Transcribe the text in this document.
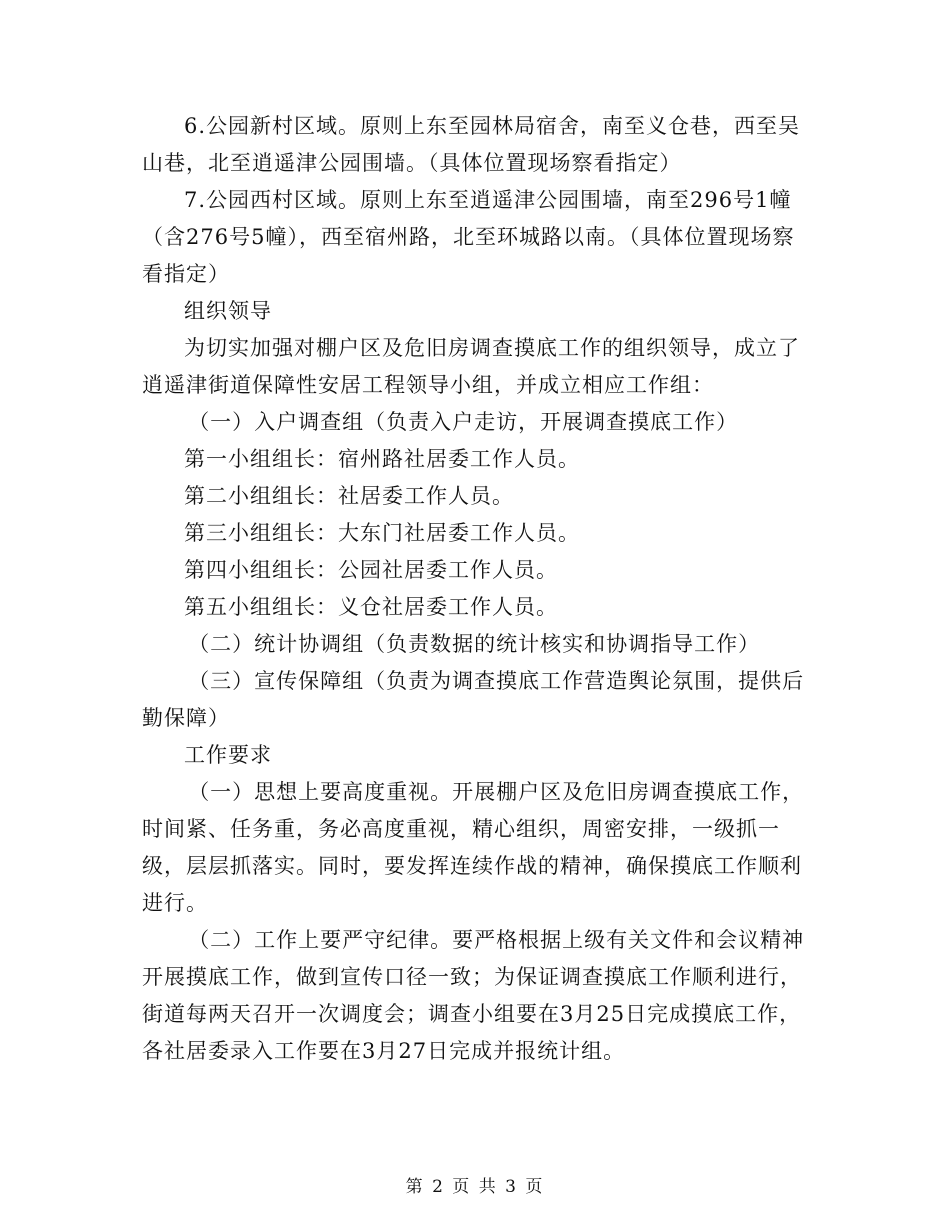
6.公园新村区域。原则上东至园林局宿舍，南至义仓巷，西至吴山巷，北至逍遥津公园围墙。（具体位置现场察看指定）

7.公园西村区域。原则上东至逍遥津公园围墙，南至296号1幢（含276号5幢），西至宿州路，北至环城路以南。（具体位置现场察看指定）

组织领导

为切实加强对棚户区及危旧房调查摸底工作的组织领导，成立了逍遥津街道保障性安居工程领导小组，并成立相应工作组：

（一）入户调查组（负责入户走访，开展调查摸底工作）

第一小组组长：宿州路社居委工作人员。

第二小组组长：社居委工作人员。

第三小组组长：大东门社居委工作人员。

第四小组组长：公园社居委工作人员。

第五小组组长：义仓社居委工作人员。

（二）统计协调组（负责数据的统计核实和协调指导工作）

（三）宣传保障组（负责为调查摸底工作营造舆论氛围，提供后勤保障）

工作要求

（一）思想上要高度重视。开展棚户区及危旧房调查摸底工作，时间紧、任务重，务必高度重视，精心组织，周密安排，一级抓一级，层层抓落实。同时，要发挥连续作战的精神，确保摸底工作顺利进行。

（二）工作上要严守纪律。要严格根据上级有关文件和会议精神开展摸底工作，做到宣传口径一致；为保证调查摸底工作顺利进行，街道每两天召开一次调度会；调查小组要在3月25日完成摸底工作，各社居委录入工作要在3月27日完成并报统计组。

第 2 页 共 3 页
